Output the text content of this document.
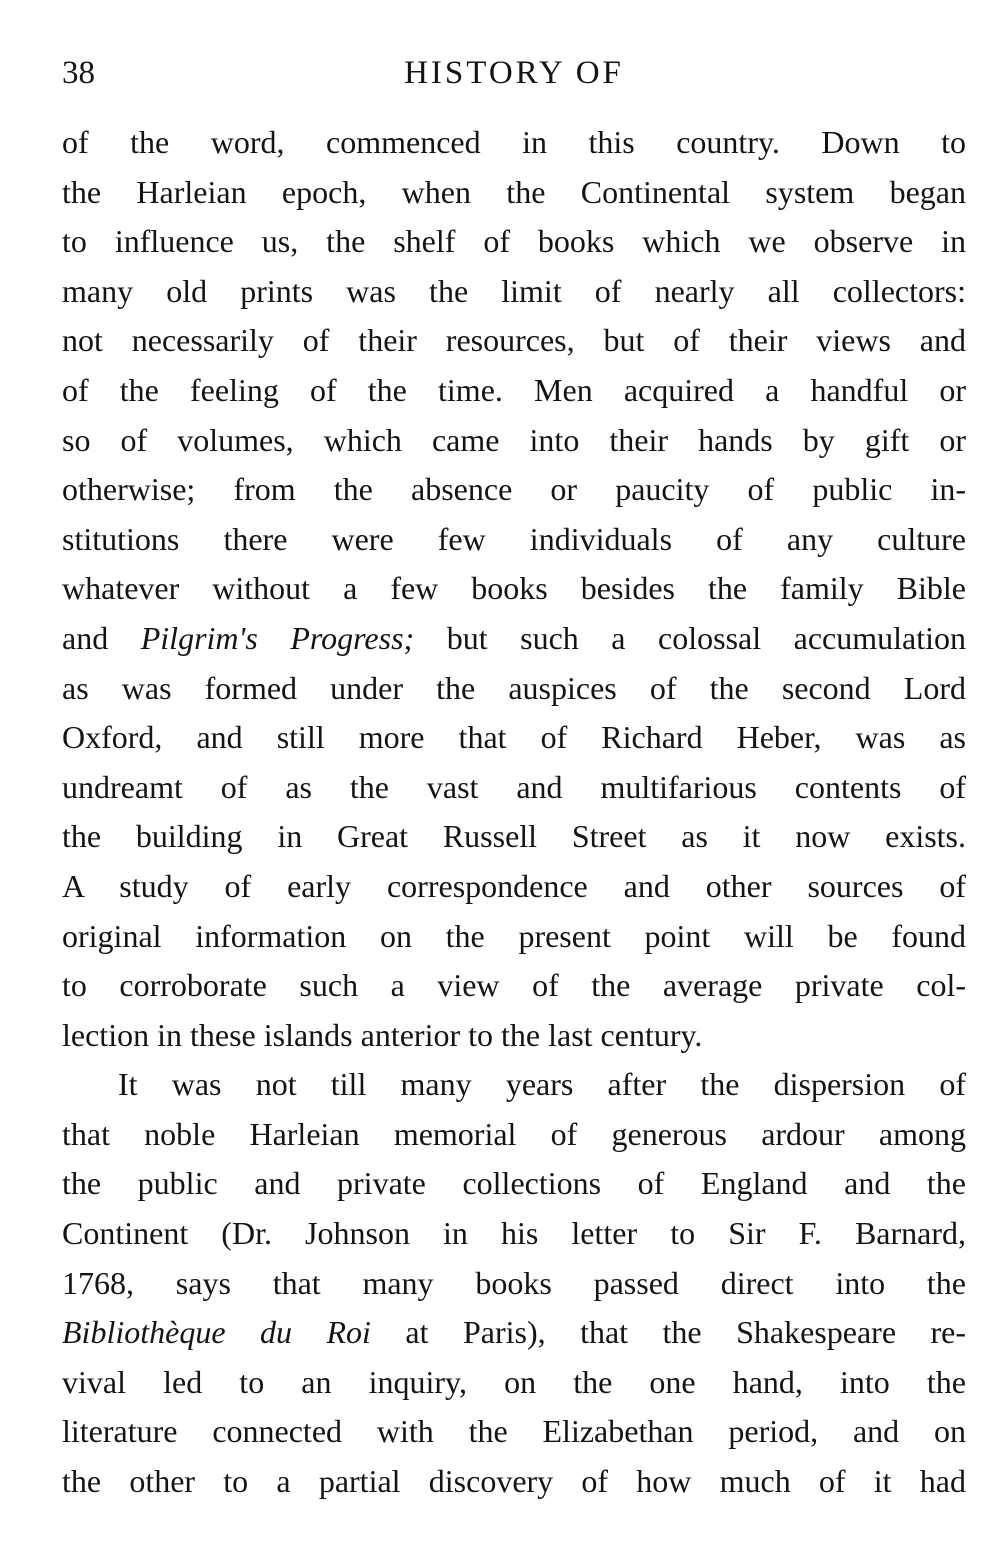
38	HISTORY OF
of the word, commenced in this country. Down to
the Harleian epoch, when the Continental system began
to influence us, the shelf of books which we observe in
many old prints was the limit of nearly all collectors:
not necessarily of their resources, but of their views and
of the feeling of the time. Men acquired a handful or
so of volumes, which came into their hands by gift or
otherwise; from the absence or paucity of public in-
stitutions there were few individuals of any culture
whatever without a few books besides the family Bible
and Pilgrim's Progress; but such a colossal accumulation
as was formed under the auspices of the second Lord
Oxford, and still more that of Richard Heber, was as
undreamt of as the vast and multifarious contents of
the building in Great Russell Street as it now exists.
A study of early correspondence and other sources of
original information on the present point will be found
to corroborate such a view of the average private col-
lection in these islands anterior to the last century.
It was not till many years after the dispersion of
that noble Harleian memorial of generous ardour among
the public and private collections of England and the
Continent (Dr. Johnson in his letter to Sir F. Barnard,
1768, says that many books passed direct into the
Bibliothèque du Roi at Paris), that the Shakespeare re-
vival led to an inquiry, on the one hand, into the
literature connected with the Elizabethan period, and on
the other to a partial discovery of how much of it had
